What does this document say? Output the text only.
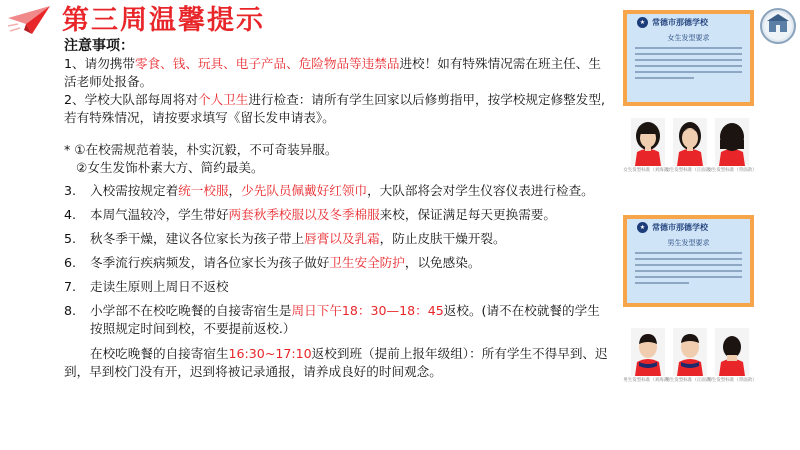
第三周温馨提示
注意事项：

1、请勿携带零食、钱、玩具、电子产品、危险物品等违禁品进校！如有特殊情况需在班主任、生活老师处报备。

2、学校大队部每周将对个人卫生进行检查：请所有学生回家以后修剪指甲，按学校规定修整发型,若有特殊情况，请按要求填写《留长发申请表》。

* ①在校需规范着装，朴实沉毅，不可奇装异服。

②女生发饰朴素大方、简约最美。

3. 入校需按规定着统一校服，少先队员佩戴好红领巾，大队部将会对学生仪容仪表进行检查。
4. 本周气温较冷，学生带好两套秋季校服以及冬季棉服来校，保证满足每天更换需要。
5. 秋冬季干燥，建议各位家长为孩子带上唇膏以及乳霜，防止皮肤干燥开裂。
6. 冬季流行疾病频发，请各位家长为孩子做好卫生安全防护，以免感染。
7. 走读生原则上周日不返校
8. 小学部不在校吃晚餐的自接寄宿生是周日下午18：30—18：45返校。(请不在校就餐的学生按照规定时间到校，不要提前返校.）

在校吃晚餐的自接寄宿生16:30~17:10返校到班（提前上报年级组）：所有学生不得早到、迟到，早到校门没有开，迟到将被记录通报，请养成良好的时间观念。

★ 常德市那德学校
女生发型要求
女生发型标准（刘海款）
女生发型标准（正面款）
女生发型标准（背面款）
★ 常德市那德学校
男生发型要求
男生发型标准（刘海款）
男生发型标准（正面款）
男生发型标准（背面款）
